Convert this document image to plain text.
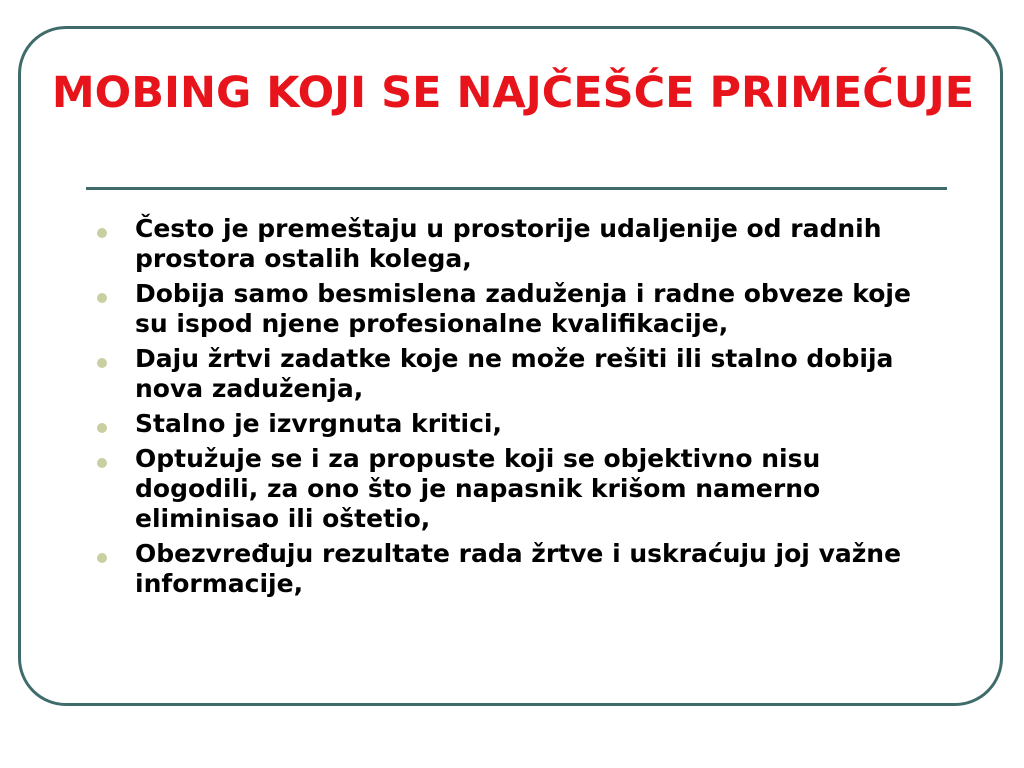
MOBING KOJI SE NAJČEŠĆE PRIMEĆUJE
Često je premeštaju u prostorije udaljenije od radnih prostora ostalih kolega,
Dobija samo besmislena zaduženja i radne obveze koje su ispod njene profesionalne kvalifikacije,
Daju žrtvi zadatke koje ne može rešiti ili stalno dobija nova zaduženja,
Stalno je izvrgnuta kritici,
Optužuje se i za propuste koji se objektivno nisu dogodili, za ono što je napasnik krišom namerno eliminisao ili oštetio,
Obezvređuju rezultate rada žrtve i uskraćuju joj važne informacije,
